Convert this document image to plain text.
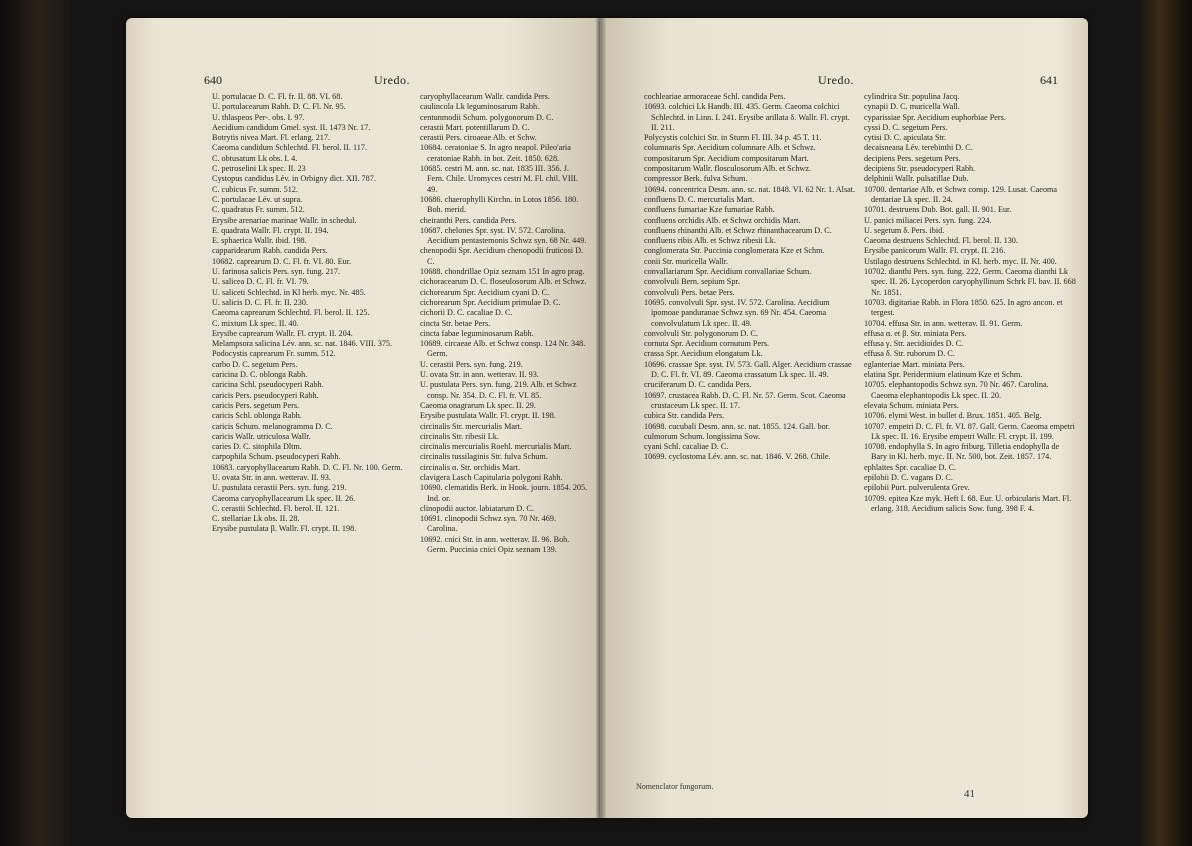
640	Uredo.

U. portulacae D. C. Fl. fr. II. 88. VI. 68.

U. portulacearum Rabh. D. C. Fl. Nr. 95.

U. thlaspeos Per-. obs. I. 97.

Aecidium candidum Gmel. syst. II. 1473 Nr. 17.

Botrytis nivea Mart. Fl. erlang. 217.

Caeoma candidum Schlechtd. Fl. berol. II. 117.

C. obtusatum Lk obs. I. 4.

C. petroselini Lk spec. II. 23

Cystopus candidus Lév. in Orbigny dict. XII. 787.

C. cubicus Fr. summ. 512.

C. portulacae Lév. ut supra.

C. quadratus Fr. summ. 512.

Erysibe arenariae marinae Wallr. in schedul.

E. quadrata Wallr. Fl. crypt. II. 194.

E. sphaerica Wallr. ibid. 198.

capparidearum Rabh. candida Pers.

10682. caprearum D. C. Fl. fr. VI. 80. Eur.

U. farinosa salicis Pers. syn. fung. 217.

U. salicea D. C. Fl. fr. VI. 79.

U. saliceti Schlechtd. in Kl herb. myc. Nr. 485.

U. salicis D. C. Fl. fr. II. 230.

Caeoma caprearum Schlechtd. Fl. berol. II. 125.

C. mixtum Lk spec. II. 40.

Erysibe caprearum Wallr. Fl. crypt. II. 204.

Melampsora salicina Lév. ann. sc. nat. 1846. VIII. 375.

Podocystis caprearum Fr. summ. 512.

carbo D. C. segetum Pers.

caricina D. C. oblonga Rabh.

caricina Schl. pseudocyperi Rabh.

caricis Pers. pseudocyperi Rabh.

caricis Pers. segetum Pers.

caricis Schl. oblonga Rabh.

caricis Schum. melanogramma D. C.

caricis Wallr. utriculosa Wallr.

caries D. C. sitophila Dltm.

carpophila Schum. pseudocyperi Rabh.

10683. caryophyllacearum Rabh. D. C. Fl. Nr. 100. Germ.

U. ovata Str. in ann. wetterav. II. 93.

U. pustulata cerastii Pers. syn. fung. 219.

Caeoma caryophyllacearum Lk spec. II. 26.

C. cerastii Schlechtd. Fl. berol. II. 121.

C. stellariae Lk obs. II. 28.

Erysibe pustulata β. Wallr. Fl. crypt. II. 198.

caryophyllacearum Wallr. candida Pers.

caulincola Lk leguminosarum Rabh.

centunmodii Schum. polygonorum D. C.

cerastii Mart. potentillarum D. C.

cerastii Pers. ciroaeae Alb. et Schw.

10684. ceratoniae S. In agro neapol. Pileo'aria ceratoniae Rabh. in bot. Zeit. 1850. 628.

10685. cestri M. ann. sc. nat. 1835 III. 356. J. Fern. Chile. Uromyces cestri M. Fl. chil. VIII. 49.

10686. chaerophylli Kirchn. in Lotos 1856. 180. Boh. merid.

cheiranthi Pers. candida Pers.

10687. chelones Spr. syst. IV. 572. Carolina. Aecidium pentastemonis Schwz syn. 68 Nr. 449.

chenopodii Spr. Aecidium chenopodii fruticosi D. C.

10688. chondrillae Opiz seznam 151 In agro prag.

cichoracearum D. C. floseulosorum Alb. et Schwz.

cichorearum Spr. Aecidium cyani D. C.

cichorearum Spr. Aecidium primulae D. C.

cichorii D. C. cacaliae D. C.

cincta Str. betae Pers.

cincta fabae leguminosarum Rabh.

10689. circaeae Alb. et Schwz consp. 124 Nr. 348. Germ.

U. cerastii Pers. syn. fung. 219.

U. ovata Str. in ann. wetterav. II. 93.

U. pustulata Pers. syn. fung. 219. Alb. et Schwz consp. Nr. 354. D. C. Fl. fr. VI. 85.

Caeoma onagrarum Lk spec. II. 29.

Erysibe pustulata Wallr. Fl. crypt. II. 198.

circinalis Str. mercurialis Mart.

circinalis Str. ribesii Lk.

circinalis mercurialis Roehl. mercurialis Mart.

circinalis tussilaginis Str. fulva Schum.

circinalis α. Str. orchidis Mart.

clavigera Lasch Capitularia polygoni Rabh.

10690. clematidis Berk. in Hook. journ. 1854. 205. Ind. or.

clinopodii auctor. labiatarum D. C.

10691. clinopodii Schwz syn. 70 Nr. 469. Carolina.

10692. cnici Str. in ann. wetterav. II. 96. Boh. Germ. Puccinia cnici Opiz seznam 139.

Uredo.	641

cochleariae armoraceae Schl. candida Pers.

10693. colchici Lk Handb. III. 435. Germ. Caeoma colchici Schlechtd. in Linn. I. 241. Erysibe arillata δ. Wallr. Fl. crypt. II. 211.

Polycystis colchici Str. in Sturm Fl. III. 34 p. 45 T. 11.

columnaris Spr. Aecidium columnare Alb. et Schwz.

compositarum Spr. Aecidium compositarum Mart.

compositarum Wallr. flosculosorum Alb. et Schwz.

compressor Berk. fulva Schum.

10694. concentrica Desm. ann. sc. nat. 1848. VI. 62 Nr. 1. Alsat.

confluens D. C. mercurialis Mart.

confluens fumariae Kze fumariae Rabh.

confluens orchidis Alb. et Schwz orchidis Mart.

confluens rhinanthi Alb. et Schwz rhinanthacearum D. C.

confluens ribis Alb. et Schwz ribesii Lk.

conglomerata Str. Puccinia conglomerata Kze et Schm.

conii Str. muricella Wallr.

convallariarum Spr. Aecidium convallariae Schum.

convolvuli Bern. sepium Spr.

convolvuli Pers. betae Pers.

10695. convolvuli Spr. syst. IV. 572. Carolina. Aecidium ipomoae panduranae Schwz syn. 69 Nr. 454. Caeoma convolvulatum Lk spec. II. 49.

convolvuli Str. polygonorum D. C.

cornuta Spr. Aecidium cornutum Pers.

crassa Spr. Aecidium elongatum Lk.

10696. crassae Spr. syst. IV. 573. Gall. Alger. Aecidium crassae D. C. Fl. fr. VI. 89. Caeoma crassatum Lk spec. II. 49.

crucifer​arum D. C. candida Pers.

10697. crustacea Rabh. D. C. Fl. Nr. 57. Germ. Scot. Caeoma crustaceum Lk spec. II. 17.

cubica Str. candida Pers.

10698. cucubali Desm. ann. sc. nat. 1855. 124. Gall. bor.

culmorum Schum. longissima Sow.

cyani Schl. cacaliae D. C.

10699. cyclostoma Lév. ann. sc. nat. 1846. V. 268. Chile.

cylindrica Str. populina Jacq.

cynapii D. C. muricella Wall.

cyparissiae Spr. Aecidium euphorbiae Pers.

cyssi D. C. segetum Pers.

cytisi D. C. apiculata Str.

decaisneana Lév. terebinthi D. C.

decipiens Pers. segetum Pers.

decipiens Str. pseudocyperi Rabh.

delphinii Wallr. pulsatillae Dub.

10700. dentariae Alb. et Schwz consp. 129. Lusat. Caeoma dentariae Lk spec. II. 24.

10701. destruens Dub. Bot. gall. II. 901. Eur.

U. panici miliacei Pers. syn. fung. 224.

U. segetum δ. Pers. ibid.

Caeoma destruens Schlechtd. Fl. berol. II. 130.

Erysibe panicorum Wallr. Fl. crypt. II. 216.

Ustilago destruens Schlechtd. in Kl. herb. myc. II. Nr. 400.

10702. dianthi Pers. syn. fung. 222, Germ. Caeoma dianthi Lk spec. II. 26. Lycoperdon caryophyllinum Schrk Fl. bav. II. 668 Nr. 1851.

10703. digitariae Rabh. in Flora 1850. 625. In agro ancon. et tergest.

10704. effusa Str. in ann. wetterav. II. 91. Germ.

effusa α. et β. Str. miniata Pers.

effusa γ. Str. aecidioides D. C.

effusa δ. Str. ruborum D. C.

eglanteriae Mart. miniata Pers.

elatina Spr. Peridermium elatinum Kze et Schm.

10705. elephantopodis Schwz syn. 70 Nr. 467. Carolina. Caeoma elephantopodis Lk spec. II. 20.

elevata Schum. miniata Pers.

10706. elymi West. in bullet d. Brux. 1851. 405. Belg.

10707. empetri D. C. Fl. fr. VI. 87. Gall. Germ. Caeoma empetri Lk spec. II. 16. Erysibe empetri Wallr. Fl. crypt. II. 199.

10708. endophylla S. In agro friburg. Tilletia endophylla de Bary in Kl. herb. myc. II. Nr. 500, bot. Zeit. 1857. 174.

ephlaites Spr. cacaliae D. C.

epilobii D. C. vagans D. C.

epilobii Purt. pulverulenta Grev.

10709. epitea Kze myk. Heft I. 68. Eur. U. orbicularis Mart. Fl. erlang. 318. Aecidium salicis Sow. fung. 398 F. 4.

Nomenclator fungorum.
41
